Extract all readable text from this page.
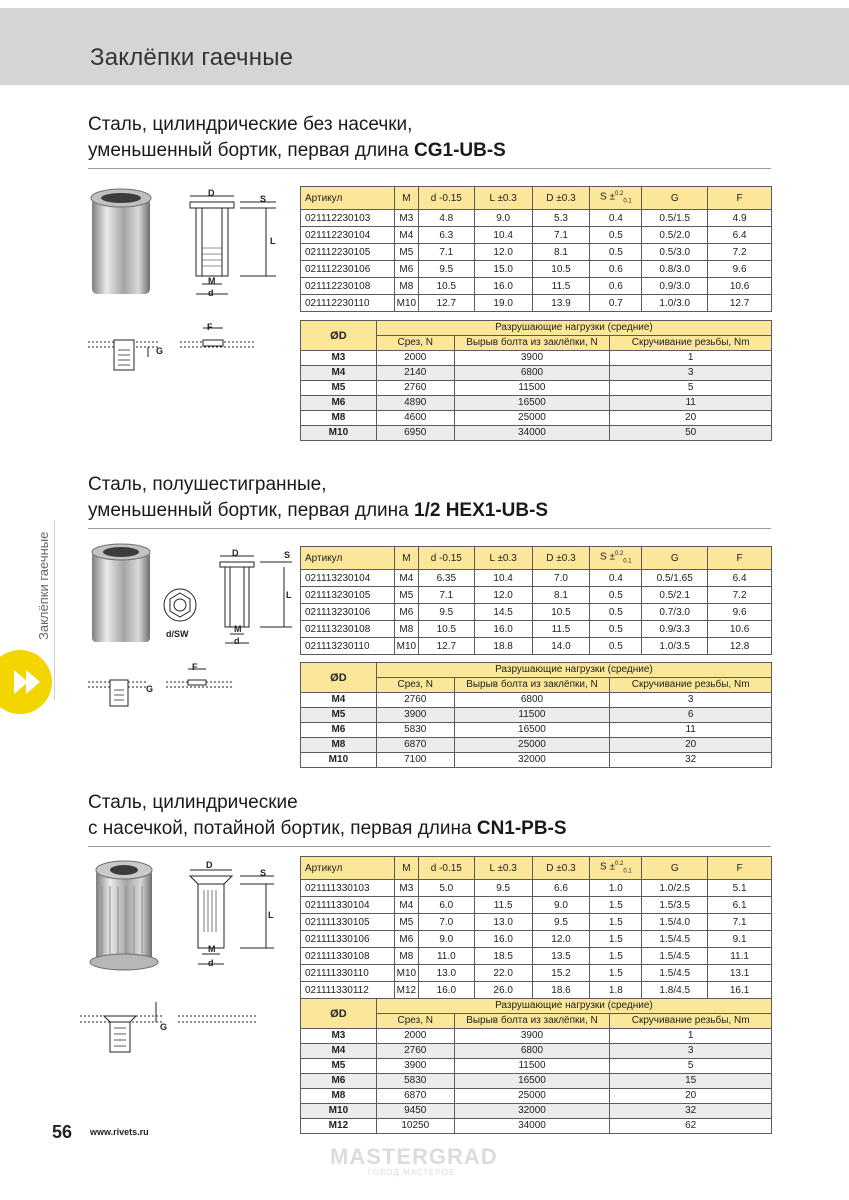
Заклёпки гаечные
Заклёпки гаечные
Сталь, цилиндрические без насечки,
уменьшенный бортик, первая длина CG1-UB-S
D
S
L
M
d
G
F
Артикул	M	d -0.15	L ±0.3	D ±0.3	S ±$^{0.2}_{0.1}$	G	F
021112230103	M3	4.8	9.0	5.3	0.4	0.5/1.5	4.9
021112230104	M4	6.3	10.4	7.1	0.5	0.5/2.0	6.4
021112230105	M5	7.1	12.0	8.1	0.5	0.5/3.0	7.2
021112230106	M6	9.5	15.0	10.5	0.6	0.8/3.0	9.6
021112230108	M8	10.5	16.0	11.5	0.6	0.9/3.0	10.6
021112230110	M10	12.7	19.0	13.9	0.7	1.0/3.0	12.7
ØD	Разрушающие нагрузки (средние)		
	Срез, N	Вырыв болта из заклёпки, N	Скручивание резьбы, Nm
M3	2000	3900	1
M4	2140	6800	3
M5	2760	11500	5
M6	4890	16500	11
M8	4600	25000	20
M10	6950	34000	50
Сталь, полушестигранные,
уменьшенный бортик, первая длина 1/2 HEX1-UB-S
d/SW
D	S
L
M
d
G
F
Артикул	M	d -0.15	L ±0.3	D ±0.3	S ±$^{0.2}_{0.1}$	G	F
021113230104	M4	6.35	10.4	7.0	0.4	0.5/1.65	6.4
021113230105	M5	7.1	12.0	8.1	0.5	0.5/2.1	7.2
021113230106	M6	9.5	14.5	10.5	0.5	0.7/3.0	9.6
021113230108	M8	10.5	16.0	11.5	0.5	0.9/3.3	10.6
021113230110	M10	12.7	18.8	14.0	0.5	1.0/3.5	12.8
ØD	Разрушающие нагрузки (средние)		
	Срез, N	Вырыв болта из заклёпки, N	Скручивание резьбы, Nm
M4	2760	6800	3
M5	3900	11500	6
M6	5830	16500	11
M8	6870	25000	20
M10	7100	32000	32
Сталь, цилиндрические
с насечкой, потайной бортик, первая длина CN1-PB-S
D
S
L
M
d
G
Артикул	M	d -0.15	L ±0.3	D ±0.3	S ±$^{0.2}_{0.1}$	G	F
021111330103	M3	5.0	9.5	6.6	1.0	1.0/2.5	5.1
021111330104	M4	6.0	11.5	9.0	1.5	1.5/3.5	6.1
021111330105	M5	7.0	13.0	9.5	1.5	1.5/4.0	7.1
021111330106	M6	9.0	16.0	12.0	1.5	1.5/4.5	9.1
021111330108	M8	11.0	18.5	13.5	1.5	1.5/4.5	11.1
021111330110	M10	13.0	22.0	15.2	1.5	1.5/4.5	13.1
021111330112	M12	16.0	26.0	18.6	1.8	1.8/4.5	16.1
ØD	Разрушающие нагрузки (средние)		
	Срез, N	Вырыв болта из заклёпки, N	Скручивание резьбы, Nm
M3	2000	3900	1
M4	2760	6800	3
M5	3900	11500	5
M6	5830	16500	15
M8	6870	25000	20
M10	9450	32000	32
M12	10250	34000	62
56 www.rivets.ru
MASTERGRAD
ГОРОД МАСТЕРОВ
